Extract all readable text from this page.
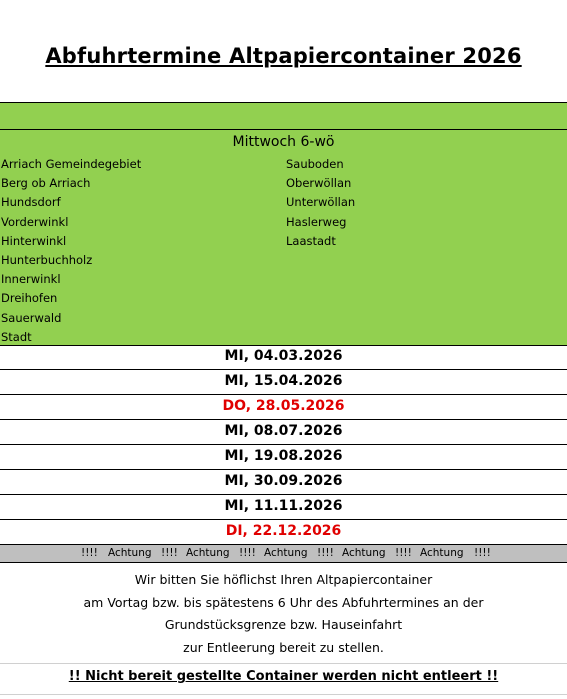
Abfuhrtermine Altpapiercontainer 2026
Mittwoch 6-wö
Arriach Gemeindegebiet
Berg ob Arriach
Hundsdorf
Vorderwinkl
Hinterwinkl
Hunterbuchholz
Innerwinkl
Dreihofen
Sauerwald
Stadt
Sauboden
Oberwöllan
Unterwöllan
Haslerweg
Laastadt
MI, 04.03.2026
MI, 15.04.2026
DO, 28.05.2026
MI, 08.07.2026
MI, 19.08.2026
MI, 30.09.2026
MI, 11.11.2026
DI, 22.12.2026
!!!! Achtung !!!! Achtung !!!! Achtung !!!! Achtung !!!! Achtung !!!!
Wir bitten Sie höflichst Ihren Altpapiercontainer
am Vortag bzw. bis spätestens 6 Uhr des Abfuhrtermines an der
Grundstücksgrenze bzw. Hauseinfahrt
zur Entleerung bereit zu stellen.
!! Nicht bereit gestellte Container werden nicht entleert !!
